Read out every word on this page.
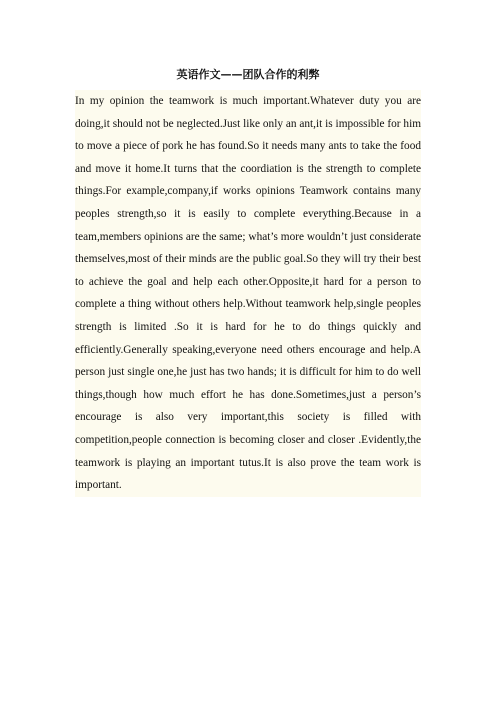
英语作文——团队合作的利弊

In my opinion the teamwork is much important.Whatever duty you are doing,it should not be neglected.Just like only an ant,it is impossible for him to move a piece of pork he has found.So it needs many ants to take the food and move it home.It turns that the coordiation is the strength to complete things.For example,company,if works opinions Teamwork contains many peoples strength,so it is easily to complete everything.Because in a team,members opinions are the same; what’s more wouldn’t just considerate themselves,most of their minds are the public goal.So they will try their best to achieve the goal and help each other.Opposite,it hard for a person to complete a thing without others help.Without teamwork help,single peoples strength is limited .So it is hard for he to do things quickly and efficiently.Generally speaking,everyone need others encourage and help.A person just single one,he just has two hands; it is difficult for him to do well things,though how much effort he has done.Sometimes,just a person’s encourage is also very important,this society is filled with competition,people connection is becoming closer and closer .Evidently,the teamwork is playing an important tutus.It is also prove the team work is important.
